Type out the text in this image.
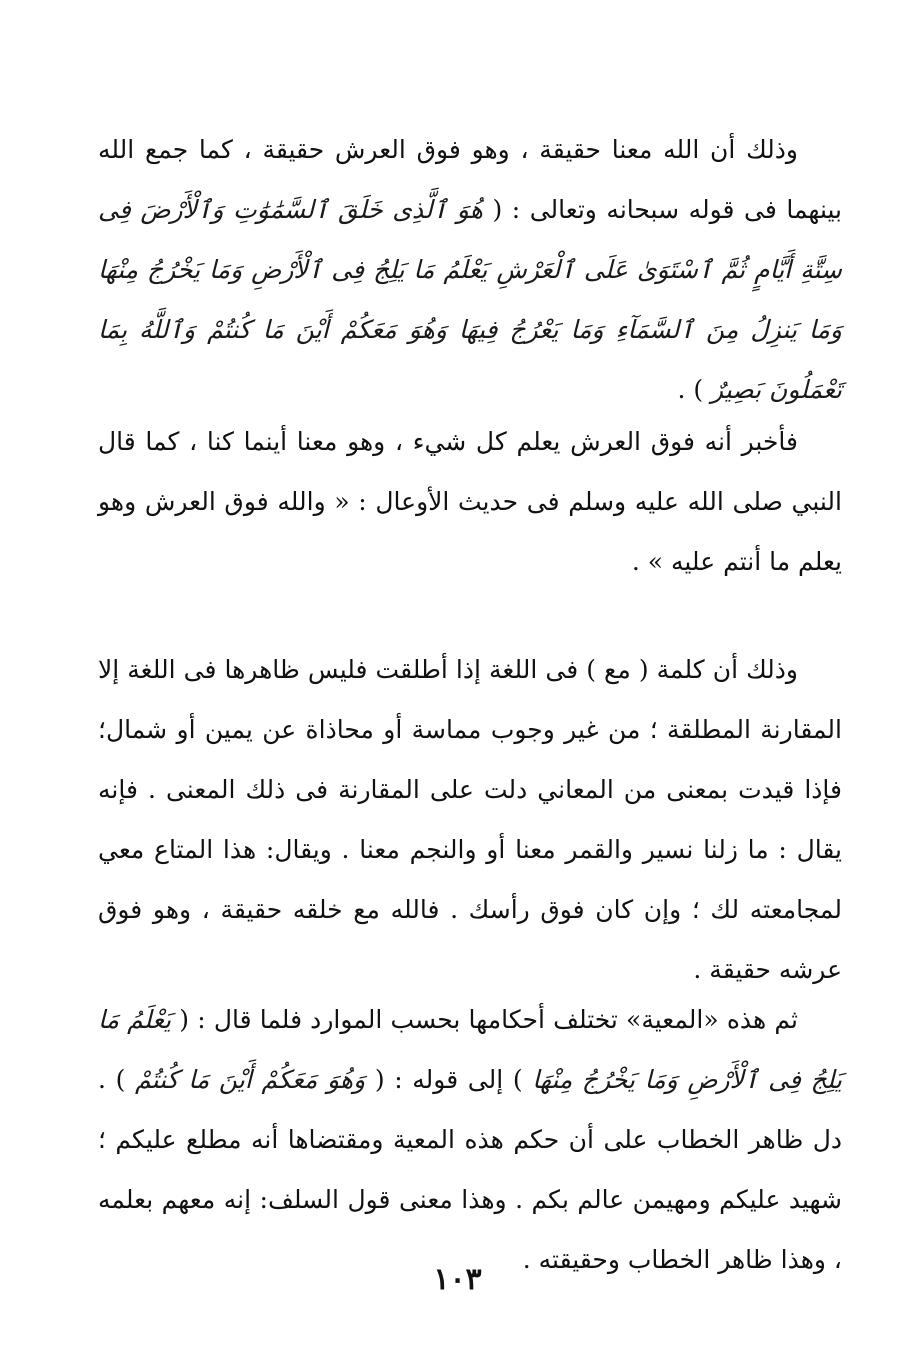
وذلك أن الله معنا حقيقة ، وهو فوق العرش حقيقة ، كما جمع الله بينهما فى قوله سبحانه وتعالى : ( هُوَ ٱلَّذِى خَلَقَ ٱلسَّمَٰوَٰتِ وَٱلْأَرْضَ فِى سِتَّةِ أَيَّامٍ ثُمَّ ٱسْتَوَىٰ عَلَى ٱلْعَرْشِ يَعْلَمُ مَا يَلِجُ فِى ٱلْأَرْضِ وَمَا يَخْرُجُ مِنْهَا وَمَا يَنزِلُ مِنَ ٱلسَّمَآءِ وَمَا يَعْرُجُ فِيهَا وَهُوَ مَعَكُمْ أَيْنَ مَا كُنتُمْ وَٱللَّهُ بِمَا تَعْمَلُونَ بَصِيرٌ ) .

فأخبر أنه فوق العرش يعلم كل شيء ، وهو معنا أينما كنا ، كما قال النبي صلى الله عليه وسلم فى حديث الأوعال : « والله فوق العرش وهو يعلم ما أنتم عليه » .

وذلك أن كلمة ( مع ) فى اللغة إذا أطلقت فليس ظاهرها فى اللغة إلا المقارنة المطلقة ؛ من غير وجوب مماسة أو محاذاة عن يمين أو شمال؛ فإذا قيدت بمعنى من المعاني دلت على المقارنة فى ذلك المعنى . فإنه يقال : ما زلنا نسير والقمر معنا أو والنجم معنا . ويقال: هذا المتاع معي لمجامعته لك ؛ وإن كان فوق رأسك . فالله مع خلقه حقيقة ، وهو فوق عرشه حقيقة .

ثم هذه «المعية» تختلف أحكامها بحسب الموارد فلما قال : ( يَعْلَمُ مَا يَلِجُ فِى ٱلْأَرْضِ وَمَا يَخْرُجُ مِنْهَا ) إلى قوله : ( وَهُوَ مَعَكُمْ أَيْنَ مَا كُنتُمْ ) . دل ظاهر الخطاب على أن حكم هذه المعية ومقتضاها أنه مطلع عليكم ؛ شهيد عليكم ومهيمن عالم بكم . وهذا معنى قول السلف: إنه معهم بعلمه ، وهذا ظاهر الخطاب وحقيقته .

١٠٣
